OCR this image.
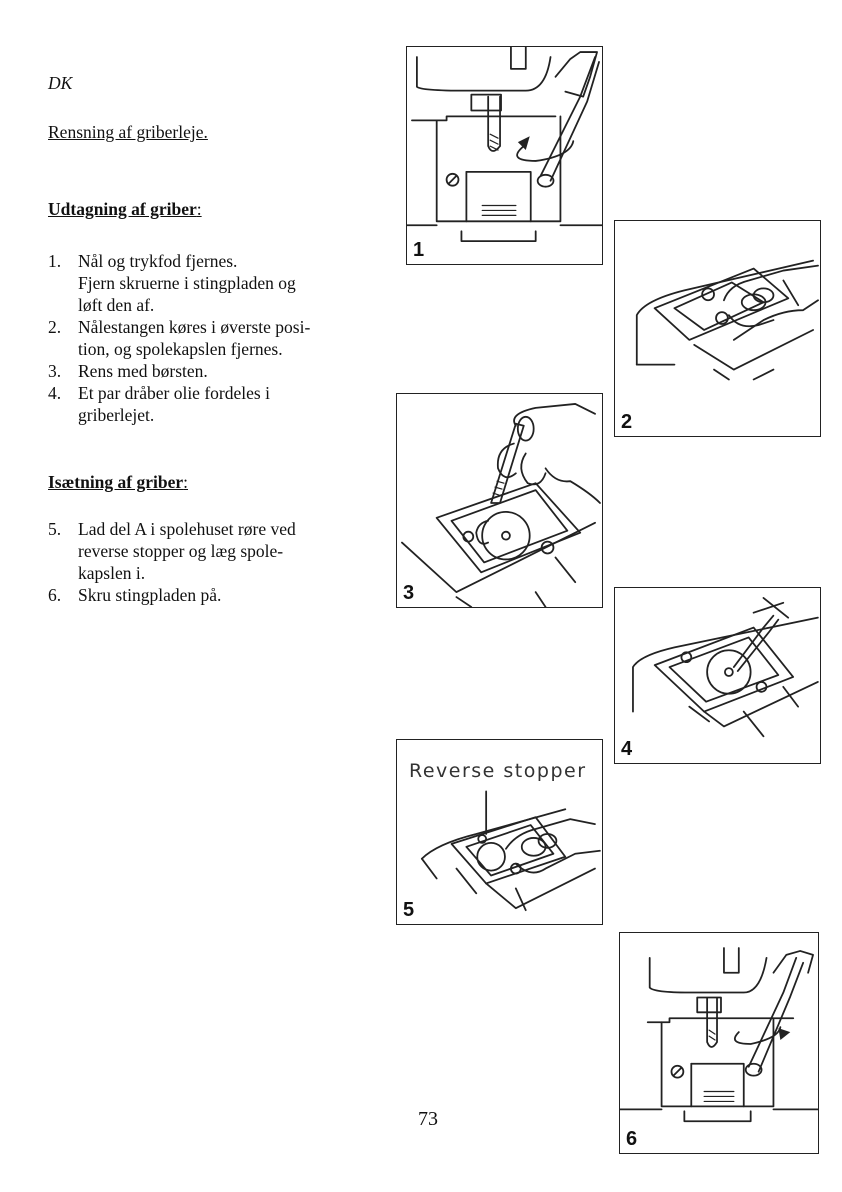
DK
Rensning af griberleje.
Udtagning af griber:
1. Nål og trykfod fjernes.
Fjern skruerne i stingpladen og
løft den af.
2. Nålestangen køres i øverste posi-
tion, og spolekapslen fjernes.
3. Rens med børsten.
4. Et par dråber olie fordeles i
griberlejet.
Isætning af griber:
5. Lad del A i spolehuset røre ved
reverse stopper og læg spole-
kapslen i.
6. Skru stingpladen på.
1
2
3
4
Reverse stopper
5
6
73
